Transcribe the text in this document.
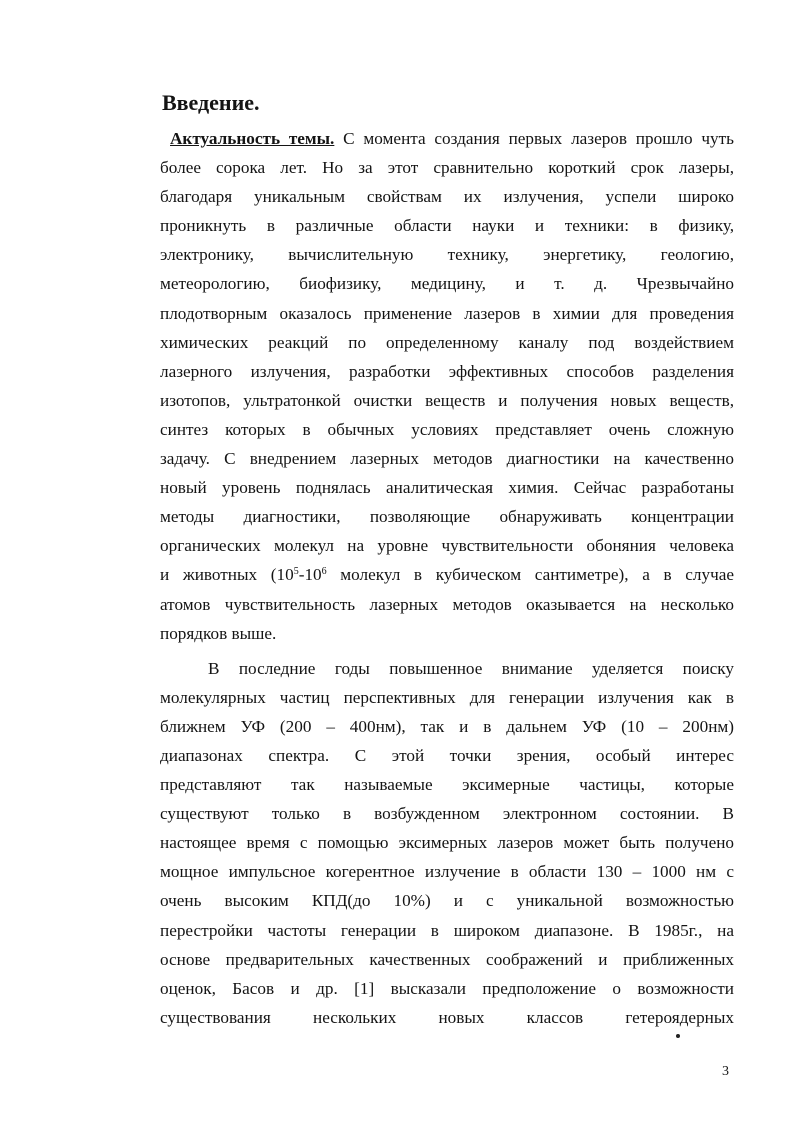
Введение.
Актуальность темы. С момента создания первых лазеров прошло чуть
более сорока лет. Но за этот сравнительно короткий срок лазеры,
благодаря уникальным свойствам их излучения, успели широко
проникнуть в различные области науки и техники: в физику,
электронику, вычислительную технику, энергетику, геологию,
метеорологию, биофизику, медицину, и т. д. Чрезвычайно
плодотворным оказалось применение лазеров в химии для проведения
химических реакций по определенному каналу под воздействием
лазерного излучения, разработки эффективных способов разделения
изотопов, ультратонкой очистки веществ и получения новых веществ,
синтез которых в обычных условиях представляет очень сложную
задачу. С внедрением лазерных методов диагностики на качественно
новый уровень поднялась аналитическая химия. Сейчас разработаны
методы диагностики, позволяющие обнаруживать концентрации
органических молекул на уровне чувствительности обоняния человека
и животных ($10^5-10^6$ молекул в кубическом сантиметре), а в случае
атомов чувствительность лазерных методов оказывается на несколько
порядков выше.
В последние годы повышенное внимание уделяется поиску
молекулярных частиц перспективных для генерации излучения как в
ближнем УФ (200 – 400нм), так и в дальнем УФ (10 – 200нм)
диапазонах спектра. С этой точки зрения, особый интерес
представляют так называемые эксимерные частицы, которые
существуют только в возбужденном электронном состоянии. В
настоящее время с помощью эксимерных лазеров может быть получено
мощное импульсное когерентное излучение в области 130 – 1000 нм с
очень высоким КПД(до 10%) и с уникальной возможностью
перестройки частоты генерации в широком диапазоне. В 1985г., на
основе предварительных качественных соображений и приближенных
оценок, Басов и др. [1] высказали предположение о возможности
существования нескольких новых классов гетероядерных
3
